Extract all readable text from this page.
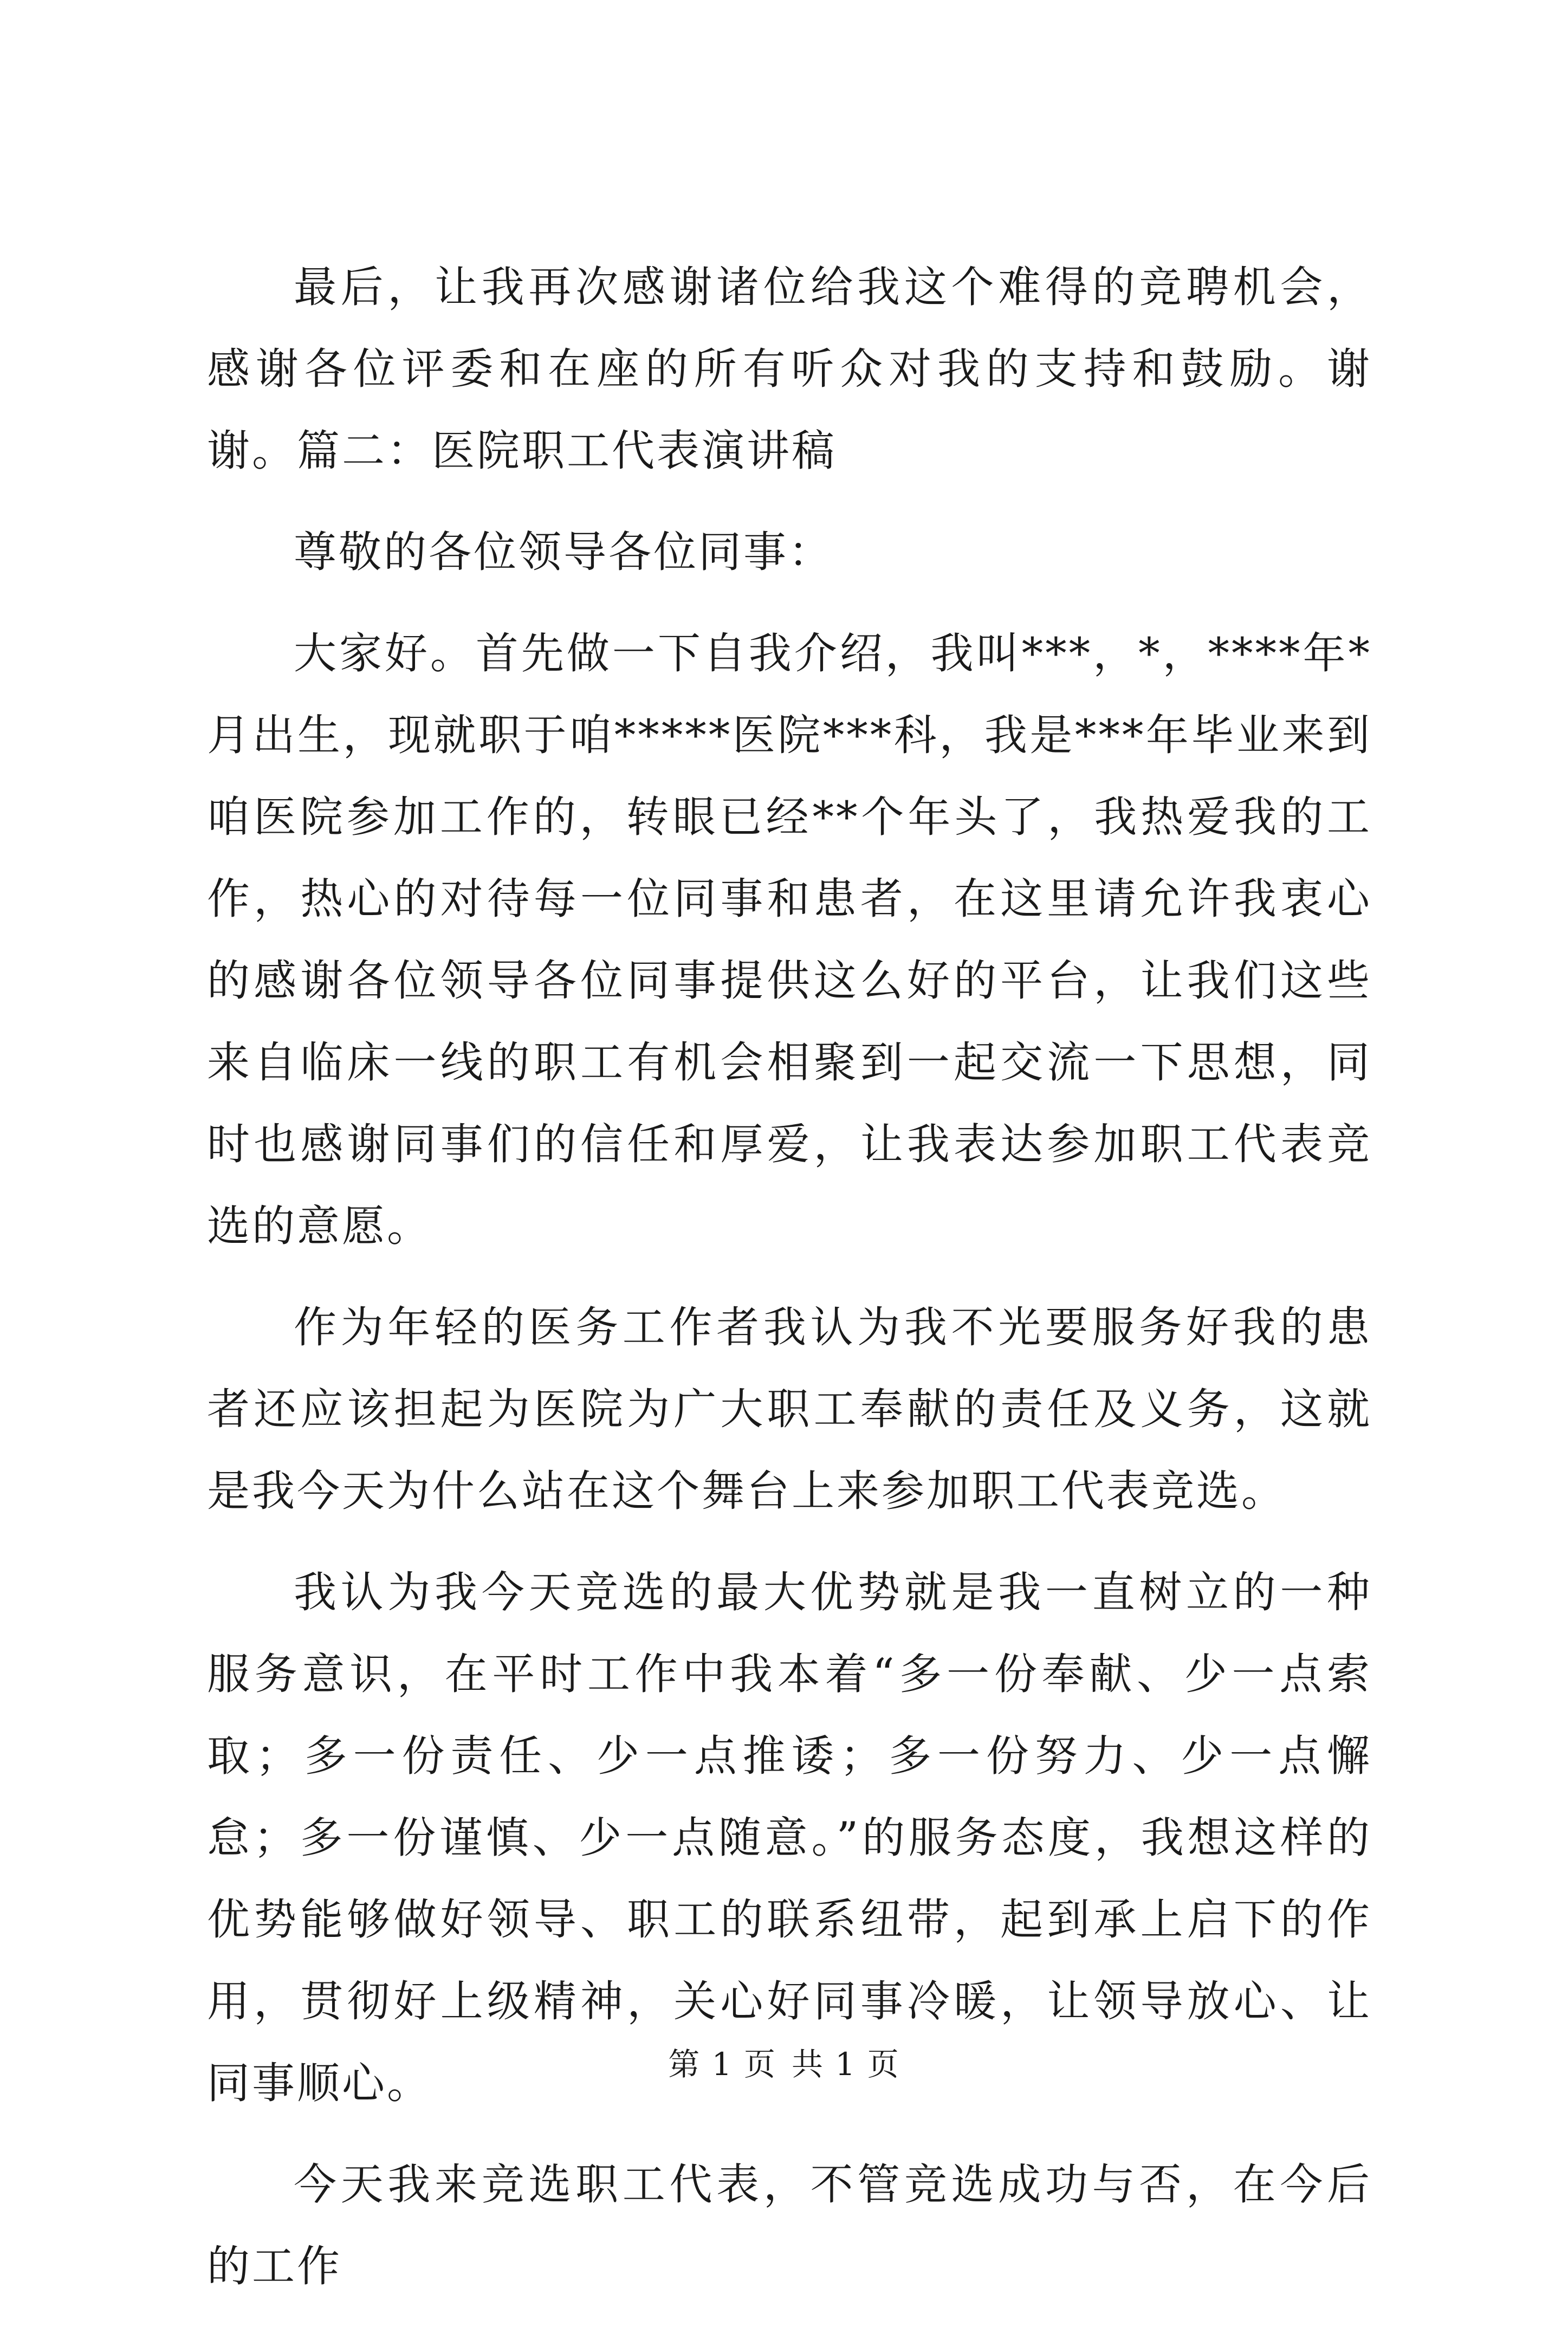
最后，让我再次感谢诸位给我这个难得的竞聘机会，感谢各位评委和在座的所有听众对我的支持和鼓励。谢谢。篇二：医院职工代表演讲稿

尊敬的各位领导各位同事：

大家好。首先做一下自我介绍，我叫***，*，****年*月出生，现就职于咱*****医院***科，我是***年毕业来到咱医院参加工作的，转眼已经**个年头了，我热爱我的工作，热心的对待每一位同事和患者，在这里请允许我衷心的感谢各位领导各位同事提供这么好的平台，让我们这些来自临床一线的职工有机会相聚到一起交流一下思想，同时也感谢同事们的信任和厚爱，让我表达参加职工代表竞选的意愿。

作为年轻的医务工作者我认为我不光要服务好我的患者还应该担起为医院为广大职工奉献的责任及义务，这就是我今天为什么站在这个舞台上来参加职工代表竞选。

我认为我今天竞选的最大优势就是我一直树立的一种服务意识，在平时工作中我本着“多一份奉献、少一点索取；多一份责任、少一点推诿；多一份努力、少一点懈怠；多一份谨慎、少一点随意。”的服务态度，我想这样的优势能够做好领导、职工的联系纽带，起到承上启下的作用，贯彻好上级精神，关心好同事冷暖，让领导放心、让同事顺心。

今天我来竞选职工代表，不管竞选成功与否，在今后的工作

第 1 页 共 1 页
